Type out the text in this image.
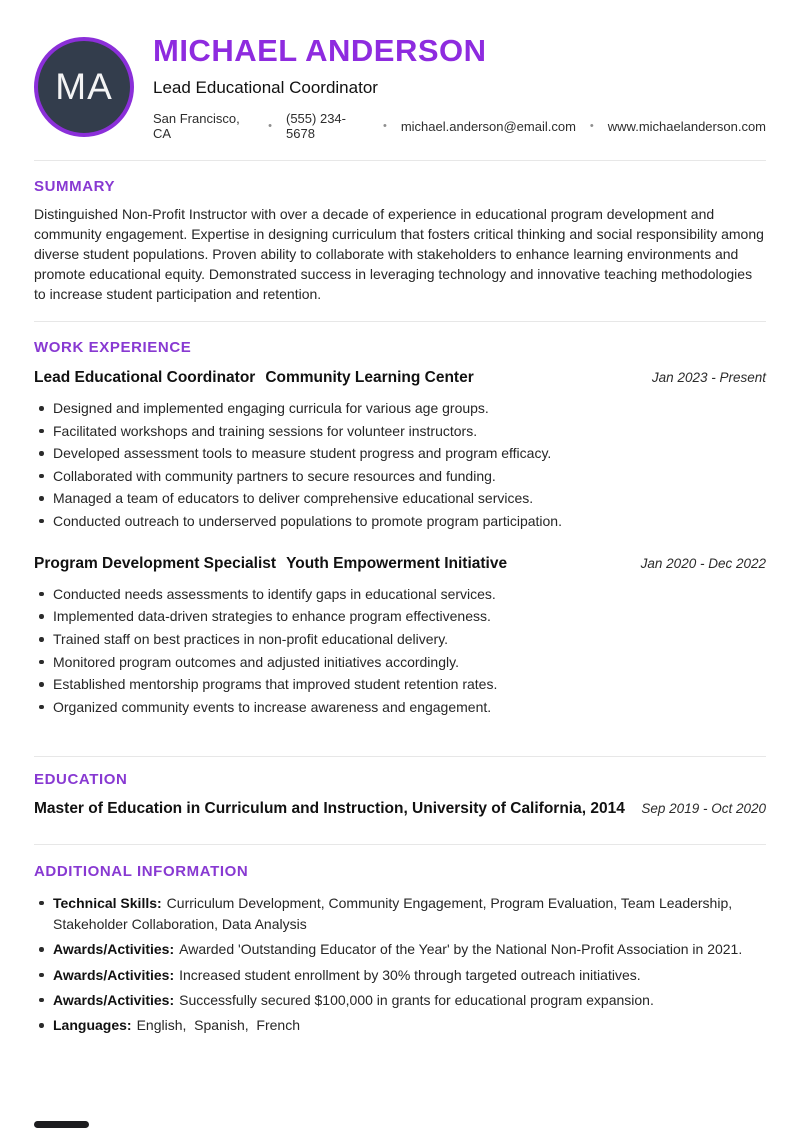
MA
MICHAEL ANDERSON
Lead Educational Coordinator
San Francisco, CA	• (555) 234-5678	• michael.anderson@email.com • www.michaelanderson.com
SUMMARY

Distinguished Non-Profit Instructor with over a decade of experience in educational program development and community engagement. Expertise in designing curriculum that fosters critical thinking and social responsibility among diverse student populations. Proven ability to collaborate with stakeholders to enhance learning environments and promote educational equity. Demonstrated success in leveraging technology and innovative teaching methodologies to increase student participation and retention.

WORK EXPERIENCE
Lead Educational Coordinator Community Learning Center	Jan 2023 - Present
Designed and implemented engaging curricula for various age groups.
Facilitated workshops and training sessions for volunteer instructors.
Developed assessment tools to measure student progress and program efficacy.
Collaborated with community partners to secure resources and funding.
Managed a team of educators to deliver comprehensive educational services.
Conducted outreach to underserved populations to promote program participation.
Program Development Specialist Youth Empowerment Initiative	Jan 2020 - Dec 2022
Conducted needs assessments to identify gaps in educational services.
Implemented data-driven strategies to enhance program effectiveness.
Trained staff on best practices in non-profit educational delivery.
Monitored program outcomes and adjusted initiatives accordingly.
Established mentorship programs that improved student retention rates.
Organized community events to increase awareness and engagement.
EDUCATION
Master of Education in Curriculum and Instruction, University of California, 2014 Sep 2019 - Oct 2020
ADDITIONAL INFORMATION
Technical Skills: Curriculum Development, Community Engagement, Program Evaluation, Team Leadership, Stakeholder Collaboration, Data Analysis
Awards/Activities: Awarded 'Outstanding Educator of the Year' by the National Non-Profit Association in 2021.
Awards/Activities: Increased student enrollment by 30% through targeted outreach initiatives.
Awards/Activities: Successfully secured $100,000 in grants for educational program expansion.
Languages: English,  Spanish,  French
